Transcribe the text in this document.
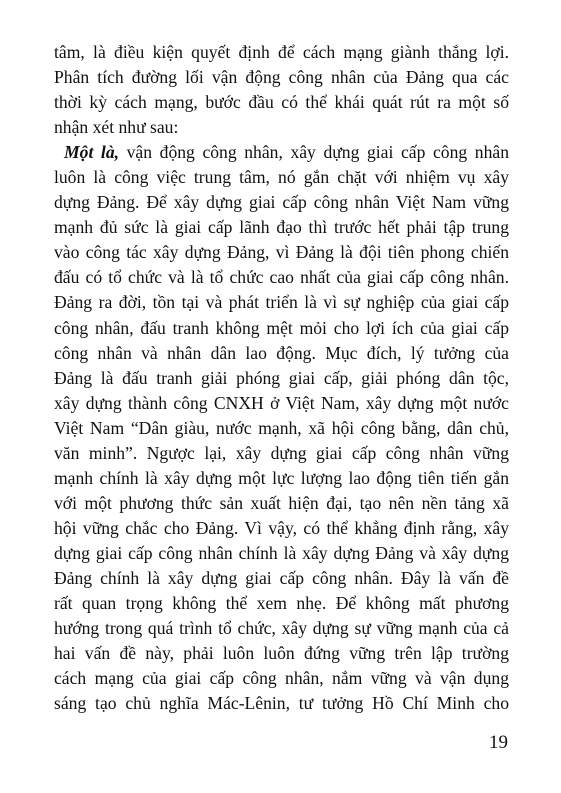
tâm, là điều kiện quyết định để cách mạng giành thắng lợi.
Phân tích đường lối vận động công nhân của Đảng qua các
thời kỳ cách mạng, bước đầu có thể khái quát rút ra một số
nhận xét như sau:
Một là, vận động công nhân, xây dựng giai cấp công nhân
luôn là công việc trung tâm, nó gắn chặt với nhiệm vụ xây
dựng Đảng. Để xây dựng giai cấp công nhân Việt Nam vững
mạnh đủ sức là giai cấp lãnh đạo thì trước hết phải tập trung
vào công tác xây dựng Đảng, vì Đảng là đội tiên phong chiến
đấu có tổ chức và là tổ chức cao nhất của giai cấp công nhân.
Đảng ra đời, tồn tại và phát triển là vì sự nghiệp của giai cấp
công nhân, đấu tranh không mệt mỏi cho lợi ích của giai cấp
công nhân và nhân dân lao động. Mục đích, lý tưởng của
Đảng là đấu tranh giải phóng giai cấp, giải phóng dân tộc,
xây dựng thành công CNXH ở Việt Nam, xây dựng một nước
Việt Nam “Dân giàu, nước mạnh, xã hội công bằng, dân chủ,
văn minh”. Ngược lại, xây dựng giai cấp công nhân vững
mạnh chính là xây dựng một lực lượng lao động tiên tiến gắn
với một phương thức sản xuất hiện đại, tạo nên nền tảng xã
hội vững chắc cho Đảng. Vì vậy, có thể khẳng định rằng, xây
dựng giai cấp công nhân chính là xây dựng Đảng và xây dựng
Đảng chính là xây dựng giai cấp công nhân. Đây là vấn đề
rất quan trọng không thể xem nhẹ. Để không mất phương
hướng trong quá trình tổ chức, xây dựng sự vững mạnh của cả
hai vấn đề này, phải luôn luôn đứng vững trên lập trường
cách mạng của giai cấp công nhân, nắm vững và vận dụng
sáng tạo chủ nghĩa Mác-Lênin, tư tưởng Hồ Chí Minh cho
19
